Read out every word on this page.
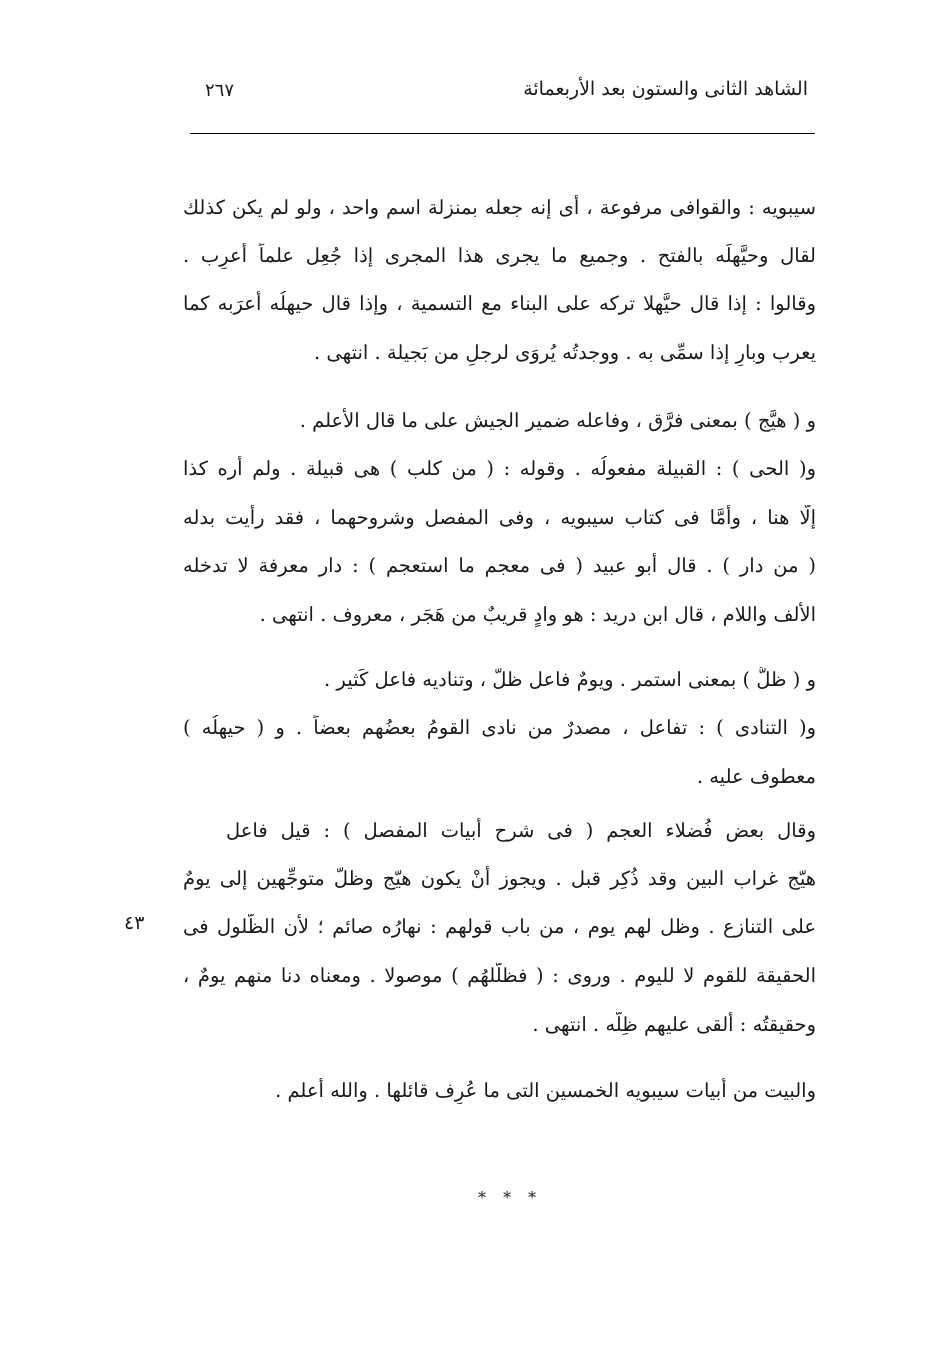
الشاهد الثانى والستون بعد الأربعمائة
٢٦٧
سيبويه : والقوافى مرفوعة ، أى إنه جعله بمنزلة اسم واحد ، ولو لم يكن كذلك
لقال وحيَّهلَه بالفتح . وجميع ما يجرى هذا المجرى إذا جُعِل علماً أُعرِب .
وقالوا : إذا قال حيَّهلا تركه على البناء مع التسمية ، وإذا قال حيهلُه أعرَبه كما
يعرب وبارِ إذا سمِّى به . ووجدتُه يُروَى لرجلٍ من بَجيلة . انتهى .
و ( هيَّج ) بمعنى فرَّق ، وفاعله ضمير الجيش على ما قال الأعلم .
و( الحى ) : القبيلة مفعولُه . وقوله : ( من كلب ) هى قبيلة . ولم أره كذا
إلَّا هنا ، وأمَّا فى كتاب سيبويه ، وفى المفصل وشروحهما ، فقد رأيت بدله
( من دار ) . قال أبو عبيد ( فى معجم ما استعجم ) : دار معرفة لا تدخله
الألف واللام ، قال ابن دريد : هو وادٍ قريبٌ من هَجَر ، معروف . انتهى .
و ( ظلَّ ) بمعنى استمر . ويومٌ فاعل ظلّ ، وتناديه فاعل كَثير .
و( التنادى ) : تفاعل ، مصدرٌ من نادى القومُ بعضُهم بعضاً . و ( حيهلُه )
معطوف عليه .
وقال بعض فُضلاء العجم ( فى شرح أبيات المفصل ) : قيل فاعل
هيّج غراب البين وقد ذُكِر قبل . ويجوز أنْ يكون هيّج وظلّ متوجِّهين إلى يومٌ
على التنازع . وظل لهم يوم ، من باب قولهم : نهارُه صائم ؛ لأن الظُّلول فى
الحقيقة للقوم لا لليوم . وروى : ( فظلَّلهُم ) موصولا . ومعناه دنا منهم يومٌ ،
وحقيقتُه : ألقى عليهم ظِلَّه . انتهى .
والبيت من أبيات سيبويه الخمسين التى ما عُرِف قائلها . والله أعلم .
٤٣
* * *
